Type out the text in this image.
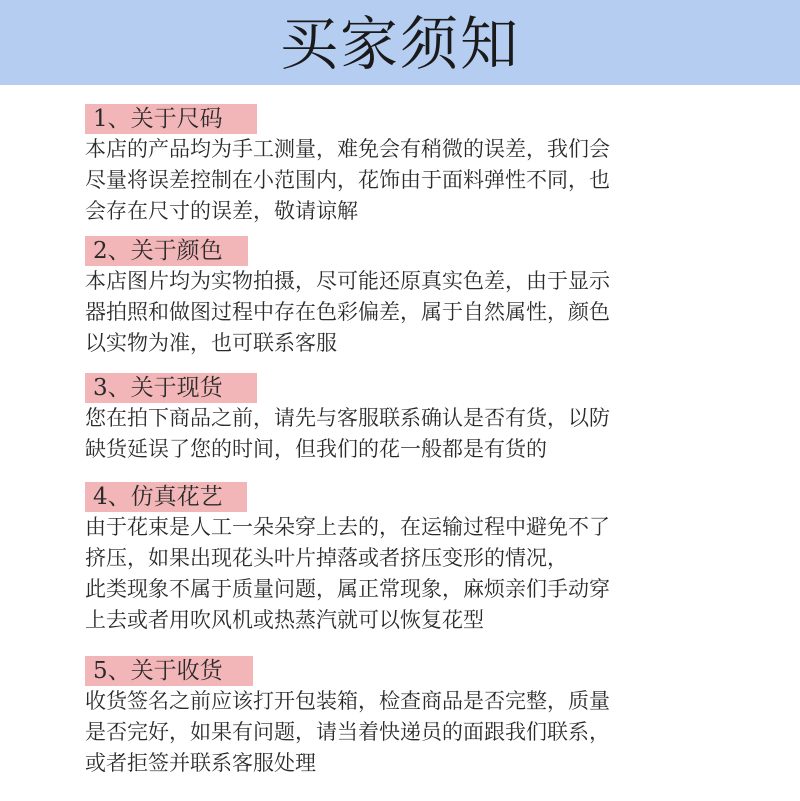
买家须知
1、关于尺码
本店的产品均为手工测量，难免会有稍微的误差，我们会
尽量将误差控制在小范围内，花饰由于面料弹性不同，也
会存在尺寸的误差，敬请谅解
2、关于颜色
本店图片均为实物拍摄，尽可能还原真实色差，由于显示
器拍照和做图过程中存在色彩偏差，属于自然属性，颜色
以实物为准，也可联系客服
3、关于现货
您在拍下商品之前，请先与客服联系确认是否有货，以防
缺货延误了您的时间，但我们的花一般都是有货的
4、仿真花艺
由于花束是人工一朵朵穿上去的，在运输过程中避免不了
挤压，如果出现花头叶片掉落或者挤压变形的情况，
此类现象不属于质量问题，属正常现象，麻烦亲们手动穿
上去或者用吹风机或热蒸汽就可以恢复花型
5、关于收货
收货签名之前应该打开包装箱，检查商品是否完整，质量
是否完好，如果有问题，请当着快递员的面跟我们联系，
或者拒签并联系客服处理
